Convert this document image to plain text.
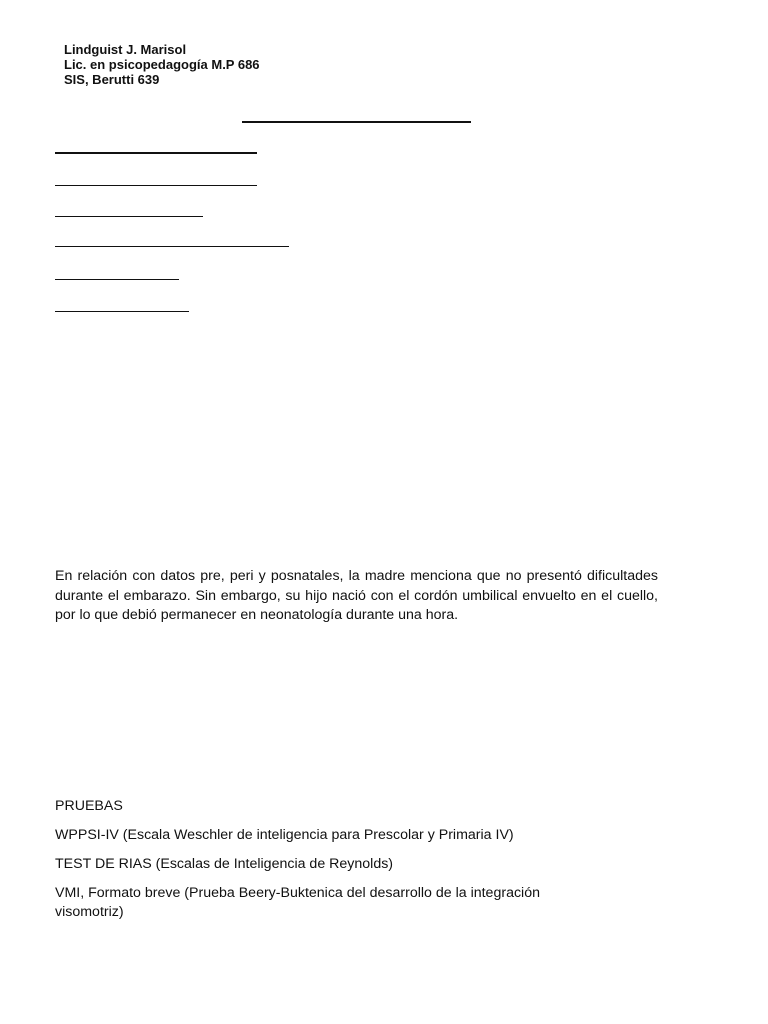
Lindguist J. Marisol
Lic. en psicopedagogía M.P 686
SIS, Berutti 639
En relación con datos pre, peri y posnatales, la madre menciona que no presentó dificultades durante el embarazo. Sin embargo, su hijo nació con el cordón umbilical envuelto en el cuello, por lo que debió permanecer en neonatología durante una hora.
PRUEBAS
WPPSI-IV (Escala Weschler de inteligencia para Prescolar y Primaria IV)
TEST DE RIAS (Escalas de Inteligencia de Reynolds)
VMI, Formato breve (Prueba Beery-Buktenica del desarrollo de la integración visomotriz)
